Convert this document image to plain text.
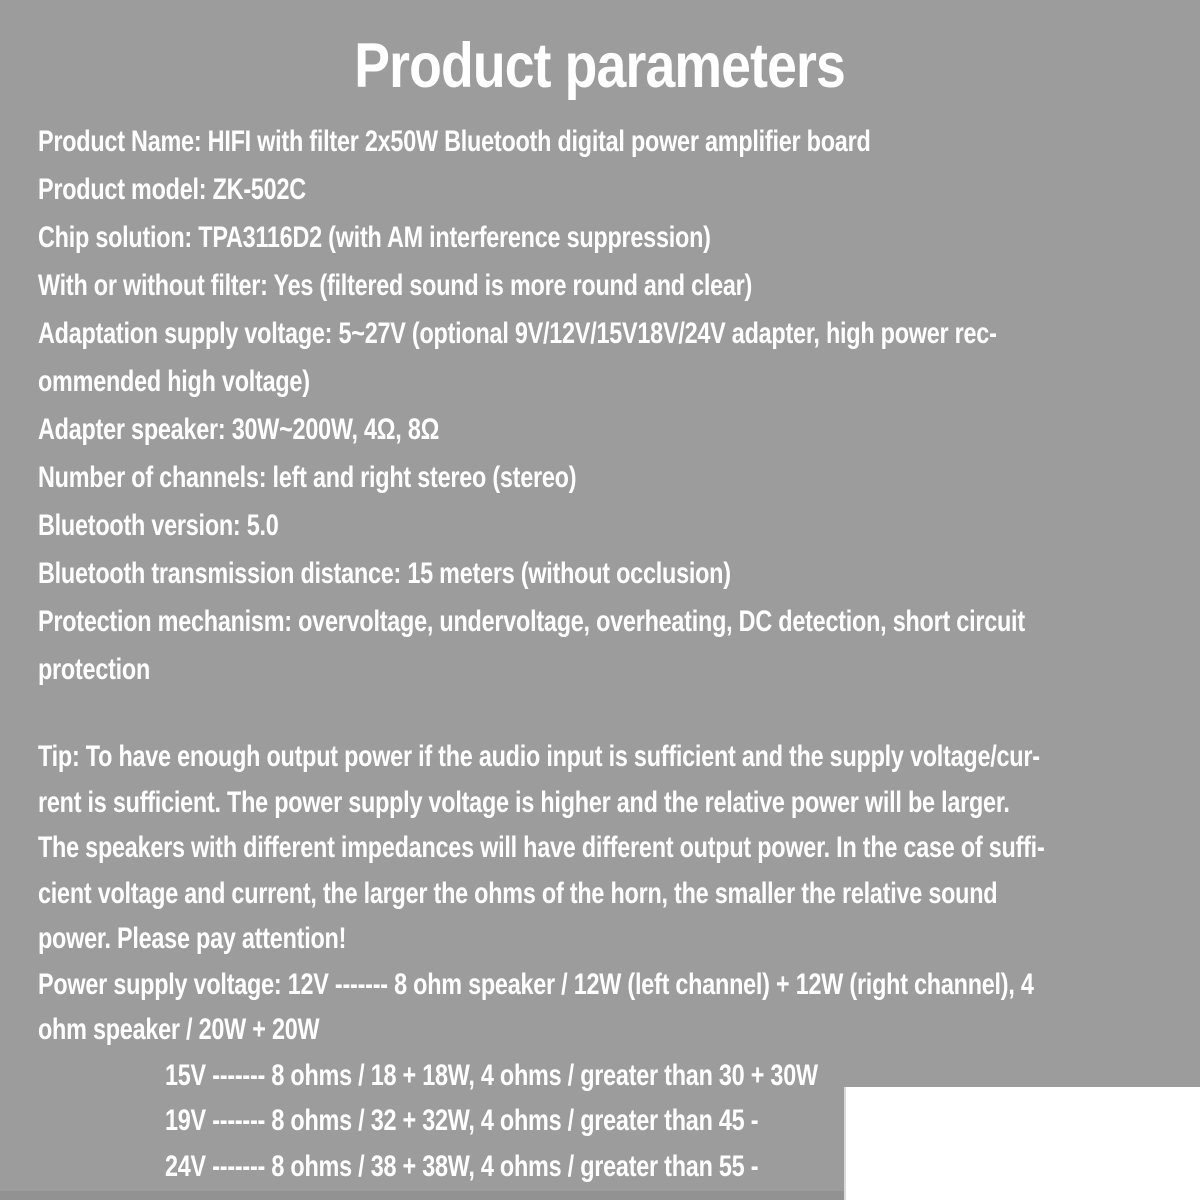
Product parameters
Product Name: HIFI with filter 2x50W Bluetooth digital power amplifier board
Product model: ZK-502C
Chip solution: TPA3116D2 (with AM interference suppression)
With or without filter: Yes (filtered sound is more round and clear)
Adaptation supply voltage: 5~27V (optional 9V/12V/15V18V/24V adapter, high power rec-
ommended high voltage)
Adapter speaker: 30W~200W, 4Ω, 8Ω
Number of channels: left and right stereo (stereo)
Bluetooth version: 5.0
Bluetooth transmission distance: 15 meters (without occlusion)
Protection mechanism: overvoltage, undervoltage, overheating, DC detection, short circuit
protection
Tip: To have enough output power if the audio input is sufficient and the supply voltage/cur-
rent is sufficient. The power supply voltage is higher and the relative power will be larger.
The speakers with different impedances will have different output power. In the case of suffi-
cient voltage and current, the larger the ohms of the horn, the smaller the relative sound
power. Please pay attention!
Power supply voltage: 12V ------- 8 ohm speaker / 12W (left channel) + 12W (right channel), 4
ohm speaker / 20W + 20W
15V ------- 8 ohms / 18 + 18W, 4 ohms / greater than 30 + 30W
19V ------- 8 ohms / 32 + 32W, 4 ohms / greater than 45 -
24V ------- 8 ohms / 38 + 38W, 4 ohms / greater than 55 -
